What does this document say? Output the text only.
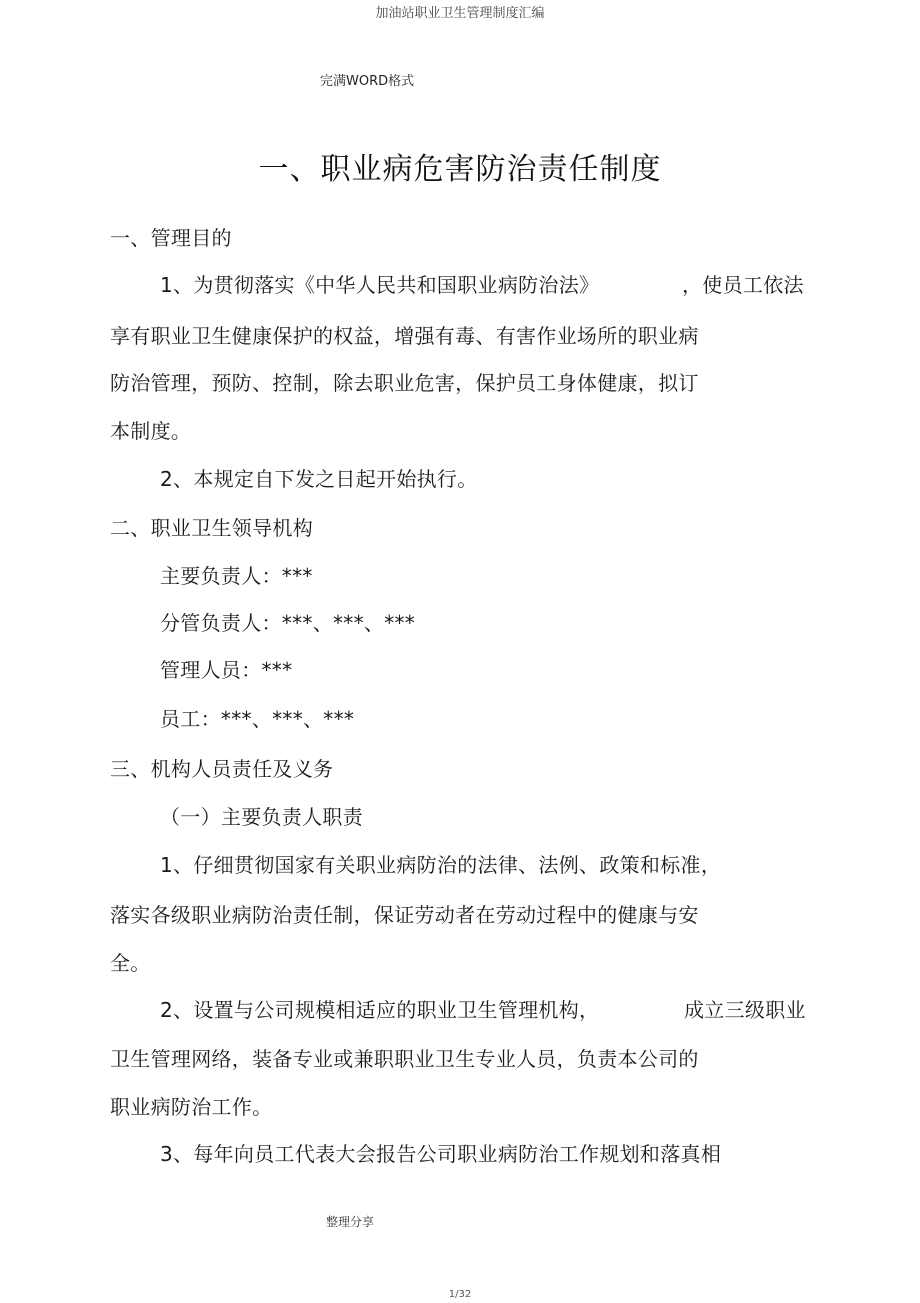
加油站职业卫生管理制度汇编
完满WORD格式
一、职业病危害防治责任制度
一、管理目的
1、为贯彻落实《中华人民共和国职业病防治法》	，使员工依法
享有职业卫生健康保护的权益，增强有毒、有害作业场所的职业病
防治管理，预防、控制，除去职业危害，保护员工身体健康，拟订
本制度。
2、本规定自下发之日起开始执行。
二、职业卫生领导机构
主要负责人：***
分管负责人：***、***、***
管理人员：***
员工：***、***、***
三、机构人员责任及义务
（一）主要负责人职责
1、仔细贯彻国家有关职业病防治的法律、法例、政策和标准，
落实各级职业病防治责任制，保证劳动者在劳动过程中的健康与安
全。
2、设置与公司规模相适应的职业卫生管理机构，	成立三级职业
卫生管理网络，装备专业或兼职职业卫生专业人员，负责本公司的
职业病防治工作。
3、每年向员工代表大会报告公司职业病防治工作规划和落真相
整理分享
1/32
